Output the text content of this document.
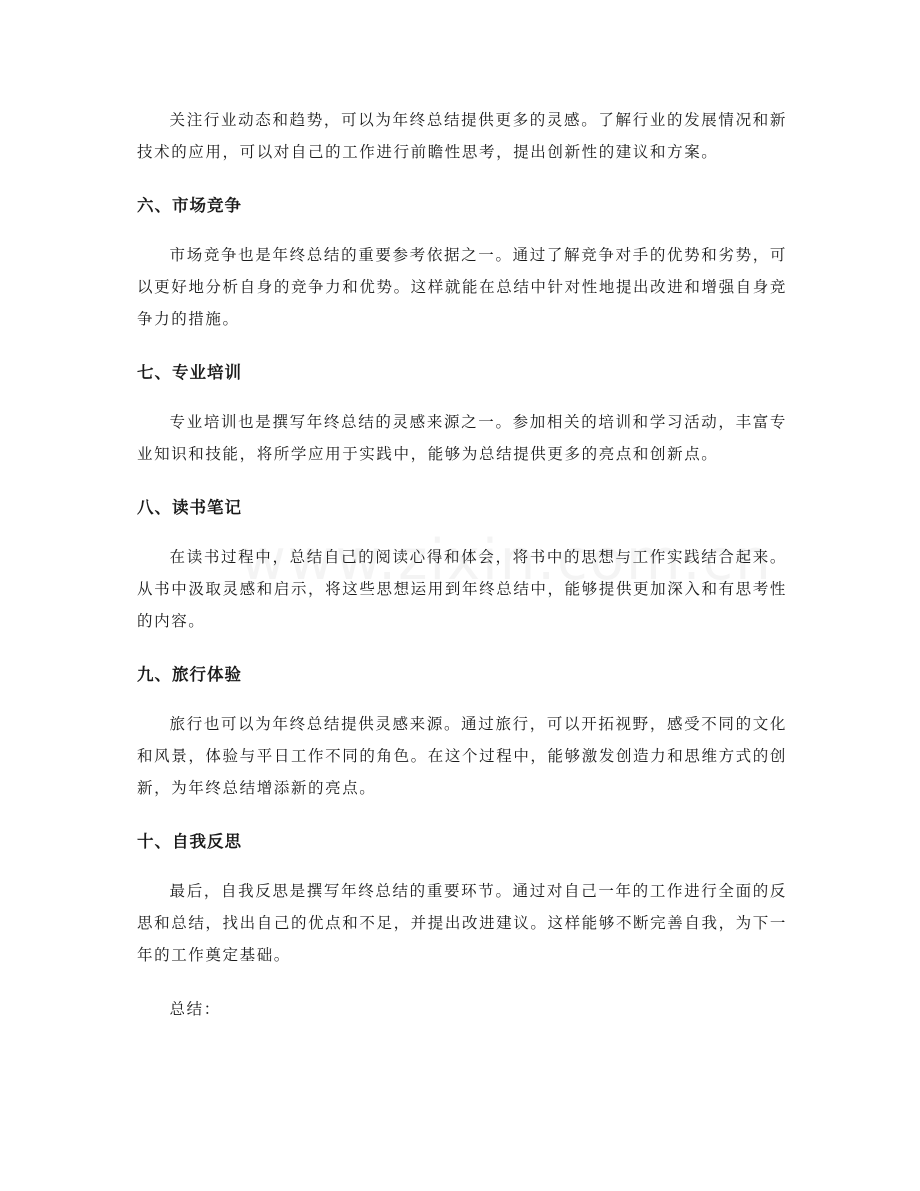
关注行业动态和趋势，可以为年终总结提供更多的灵感。了解行业的发展情况和新技术的应用，可以对自己的工作进行前瞻性思考，提出创新性的建议和方案。

六、市场竞争

市场竞争也是年终总结的重要参考依据之一。通过了解竞争对手的优势和劣势，可以更好地分析自身的竞争力和优势。这样就能在总结中针对性地提出改进和增强自身竞争力的措施。

七、专业培训

专业培训也是撰写年终总结的灵感来源之一。参加相关的培训和学习活动，丰富专业知识和技能，将所学应用于实践中，能够为总结提供更多的亮点和创新点。

八、读书笔记

在读书过程中，总结自己的阅读心得和体会，将书中的思想与工作实践结合起来。从书中汲取灵感和启示，将这些思想运用到年终总结中，能够提供更加深入和有思考性的内容。

九、旅行体验

旅行也可以为年终总结提供灵感来源。通过旅行，可以开拓视野，感受不同的文化和风景，体验与平日工作不同的角色。在这个过程中，能够激发创造力和思维方式的创新，为年终总结增添新的亮点。

十、自我反思

最后，自我反思是撰写年终总结的重要环节。通过对自己一年的工作进行全面的反思和总结，找出自己的优点和不足，并提出改进建议。这样能够不断完善自我，为下一年的工作奠定基础。

总结：
